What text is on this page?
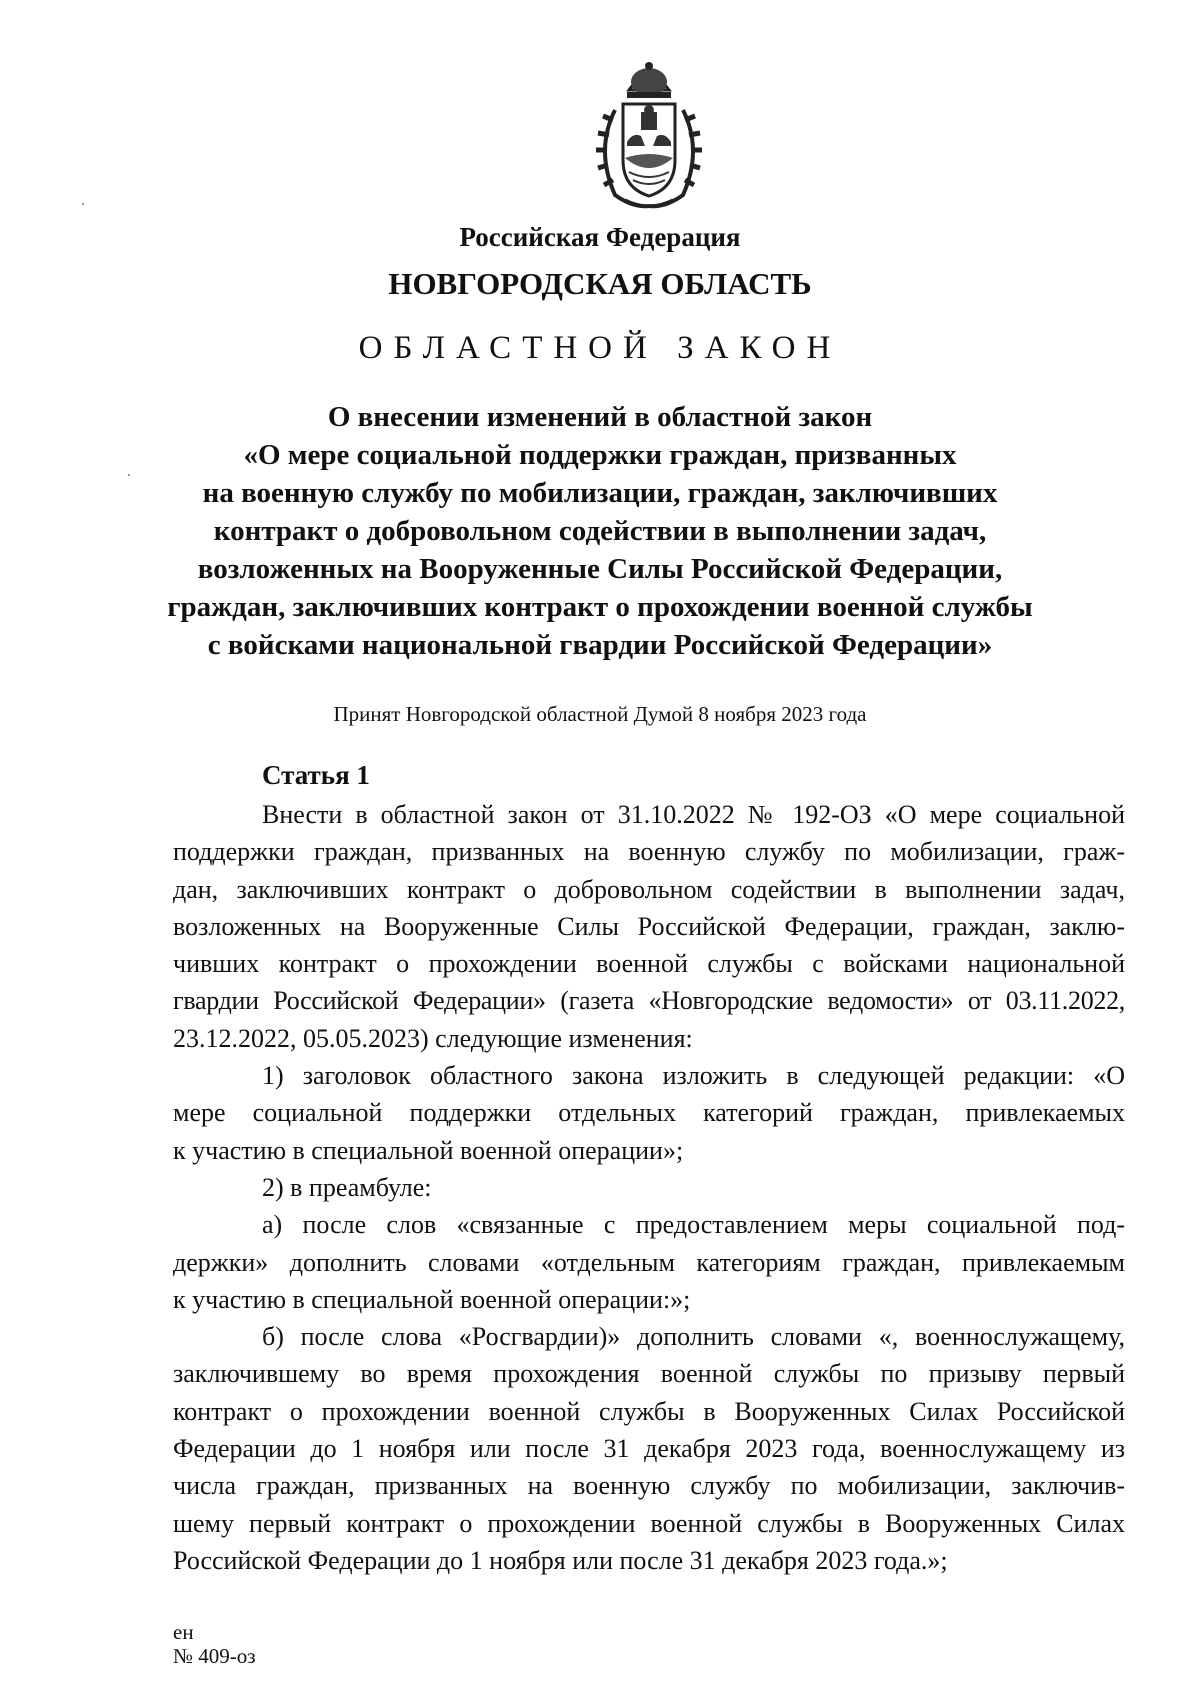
Российская Федерация
НОВГОРОДСКАЯ ОБЛАСТЬ
ОБЛАСТНОЙ ЗАКОН
О внесении изменений в областной закон
«О мере социальной поддержки граждан, призванных
на военную службу по мобилизации, граждан, заключивших
контракт о добровольном содействии в выполнении задач,
возложенных на Вооруженные Силы Российской Федерации,
граждан, заключивших контракт о прохождении военной службы
с войсками национальной гвардии Российской Федерации»
Принят Новгородской областной Думой 8 ноября 2023 года
Статья 1
Внести в областной закон от 31.10.2022 № 192-ОЗ «О мере социальной
поддержки граждан, призванных на военную службу по мобилизации, граж-
дан, заключивших контракт о добровольном содействии в выполнении задач,
возложенных на Вооруженные Силы Российской Федерации, граждан, заклю-
чивших контракт о прохождении военной службы с войсками национальной
гвардии Российской Федерации» (газета «Новгородские ведомости» от 03.11.2022,
23.12.2022, 05.05.2023) следующие изменения:
1) заголовок областного закона изложить в следующей редакции: «О
мере социальной поддержки отдельных категорий граждан, привлекаемых
к участию в специальной военной операции»;
2) в преамбуле:
а) после слов «связанные с предоставлением меры социальной под-
держки» дополнить словами «отдельным категориям граждан, привлекаемым
к участию в специальной военной операции:»;
б) после слова «Росгвардии)» дополнить словами «, военнослужащему,
заключившему во время прохождения военной службы по призыву первый
контракт о прохождении военной службы в Вооруженных Силах Российской
Федерации до 1 ноября или после 31 декабря 2023 года, военнослужащему из
числа граждан, призванных на военную службу по мобилизации, заключив-
шему первый контракт о прохождении военной службы в Вооруженных Силах
Российской Федерации до 1 ноября или после 31 декабря 2023 года.»;
ен
№ 409-оз
